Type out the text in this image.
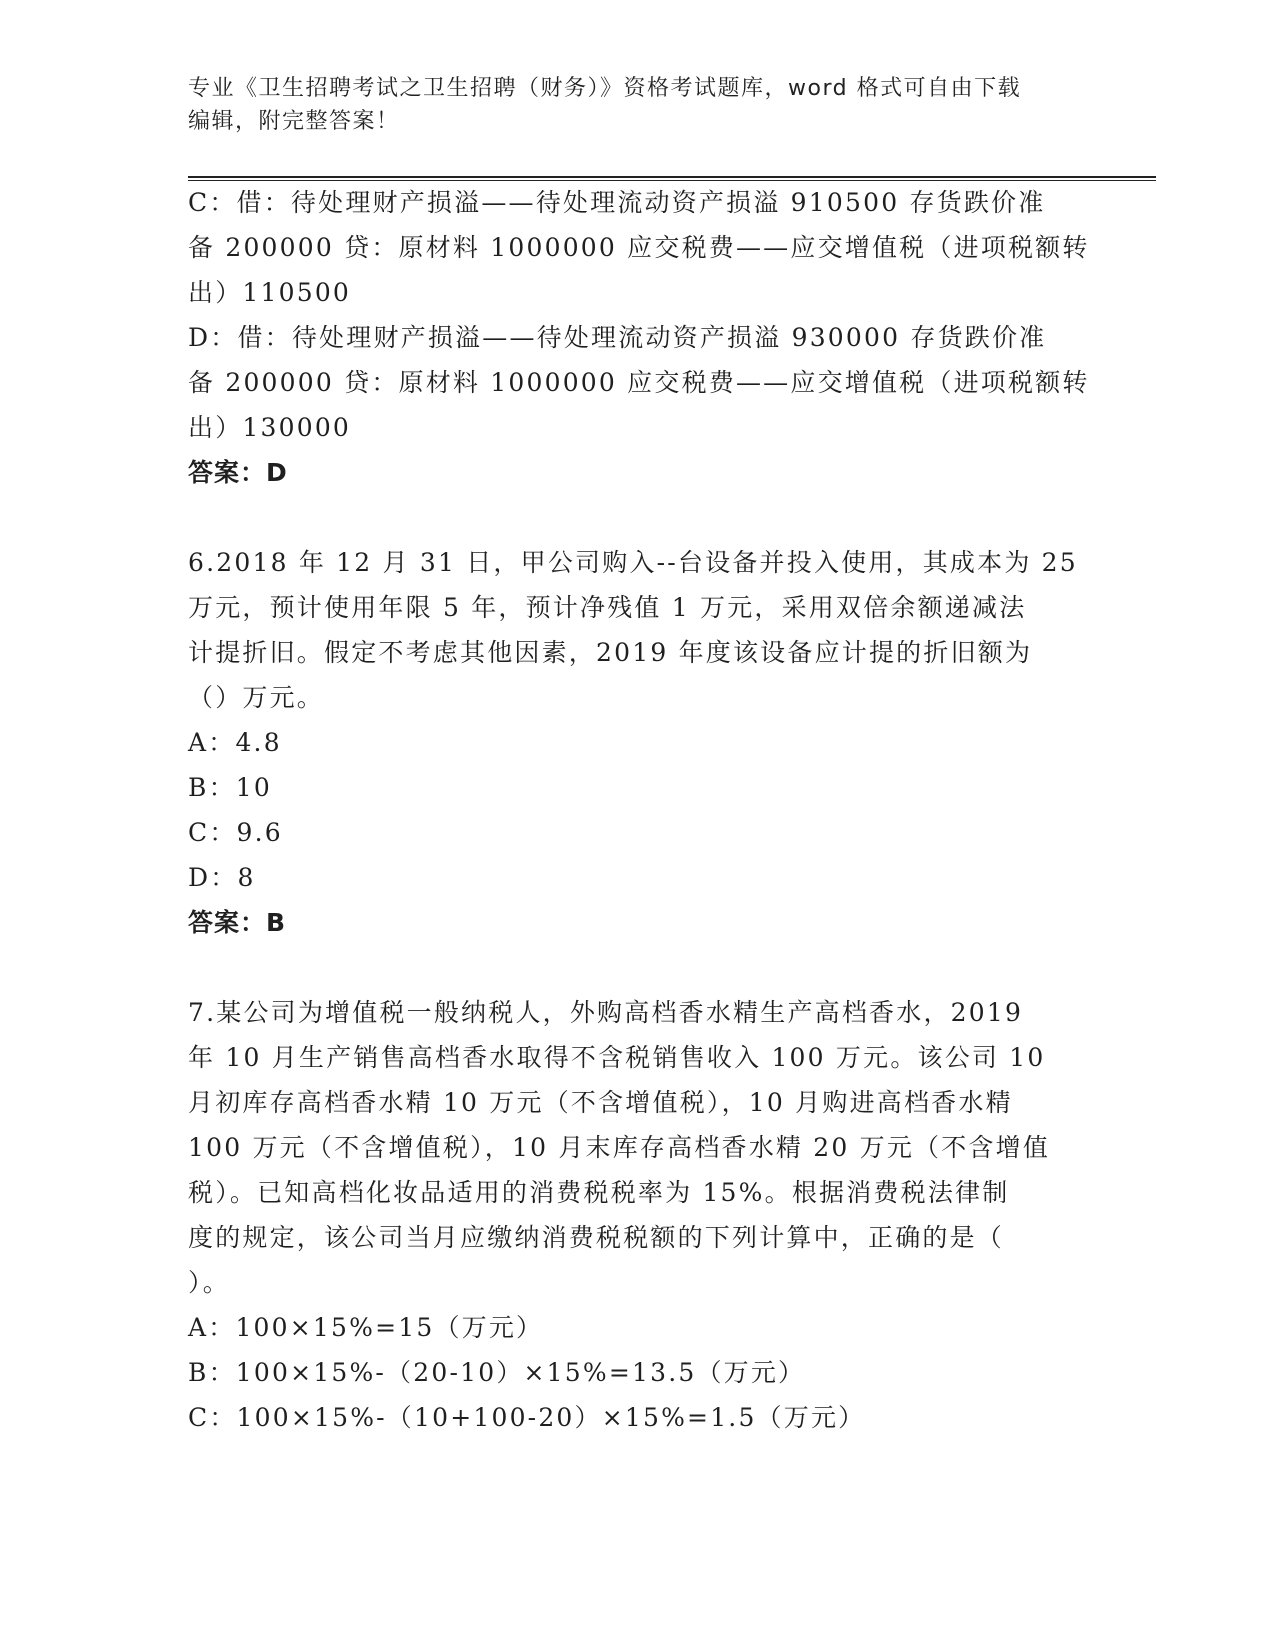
专业《卫生招聘考试之卫生招聘（财务）》资格考试题库，word 格式可自由下载
编辑，附完整答案！
C：借：待处理财产损溢——待处理流动资产损溢 910500 存货跌价准
备 200000 贷：原材料 1000000 应交税费——应交增值税（进项税额转
出）110500
D：借：待处理财产损溢——待处理流动资产损溢 930000 存货跌价准
备 200000 贷：原材料 1000000 应交税费——应交增值税（进项税额转
出）130000
答案：D
6.2018 年 12 月 31 日，甲公司购入--台设备并投入使用，其成本为 25
万元，预计使用年限 5 年，预计净残值 1 万元，采用双倍余额递减法
计提折旧。假定不考虑其他因素，2019 年度该设备应计提的折旧额为
（）万元。
A：4.8
B：10
C：9.6
D：8
答案：B
7.某公司为增值税一般纳税人，外购高档香水精生产高档香水，2019
年 10 月生产销售高档香水取得不含税销售收入 100 万元。该公司 10
月初库存高档香水精 10 万元（不含增值税），10 月购进高档香水精
100 万元（不含增值税），10 月末库存高档香水精 20 万元（不含增值
税）。已知高档化妆品适用的消费税税率为 15%。根据消费税法律制
度的规定，该公司当月应缴纳消费税税额的下列计算中，正确的是（
）。
A：100×15%=15（万元）
B：100×15%-（20-10）×15%=13.5（万元）
C：100×15%-（10+100-20）×15%=1.5（万元）
